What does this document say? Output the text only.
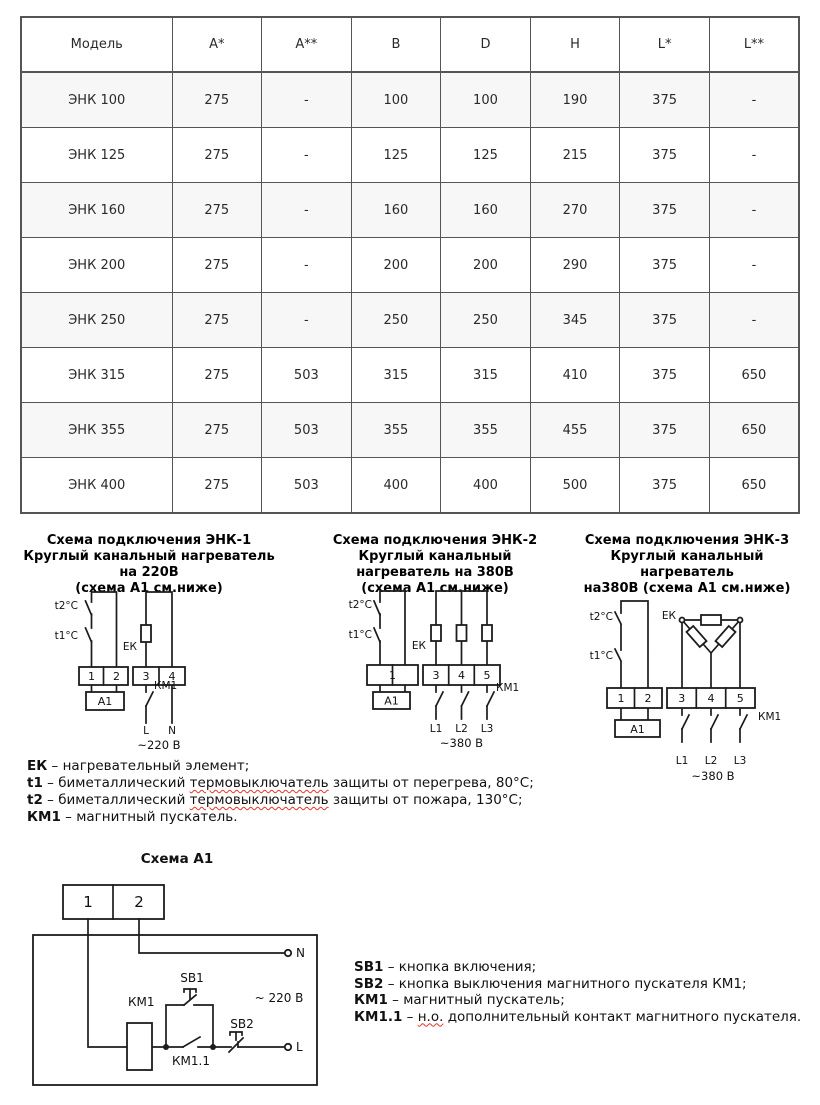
Модель	A*	A**	B	D	H	L*	L**
ЭНК 100	275	-	100	100	190	375	-
ЭНК 125	275	-	125	125	215	375	-
ЭНК 160	275	-	160	160	270	375	-
ЭНК 200	275	-	200	200	290	375	-
ЭНК 250	275	-	250	250	345	375	-
ЭНК 315	275	503	315	315	410	375	650
ЭНК 355	275	503	355	355	455	375	650
ЭНК 400	275	503	400	400	500	375	650
Схема подключения ЭНК-1
Круглый канальный нагреватель на 220В
(схема А1 см.ниже)
Схема подключения ЭНК-2
Круглый канальный нагреватель на 380В
(схема А1 см.ниже)
Схема подключения ЭНК-3
Круглый канальный нагреватель
на380В (схема А1 см.ниже)
t2°C
t1°C
ЕК
1 2 3 4
А1
КМ1
L N
~220 В
t2°C
t1°C
ЕК
1	3 4 5
А1
КМ1
L1 L2 L3
~380 В
t2°C
t1°C
ЕК
1 2 3 4 5
А1
КМ1
L1 L2 L3
~380 В
ЕК – нагревательный элемент;
t1 – биметаллический термовыключатель защиты от перегрева, 80°С;
t2 – биметаллический термовыключатель защиты от пожара, 130°С;
КМ1 – магнитный пускатель.
Схема А1
1	2
КМ1
SB1
SB2
КМ1.1
N
L
~ 220 В
SB1 – кнопка включения;
SB2 – кнопка выключения магнитного пускателя КМ1;
КМ1 – магнитный пускатель;
КМ1.1 – н.о. дополнительный контакт магнитного пускателя.
